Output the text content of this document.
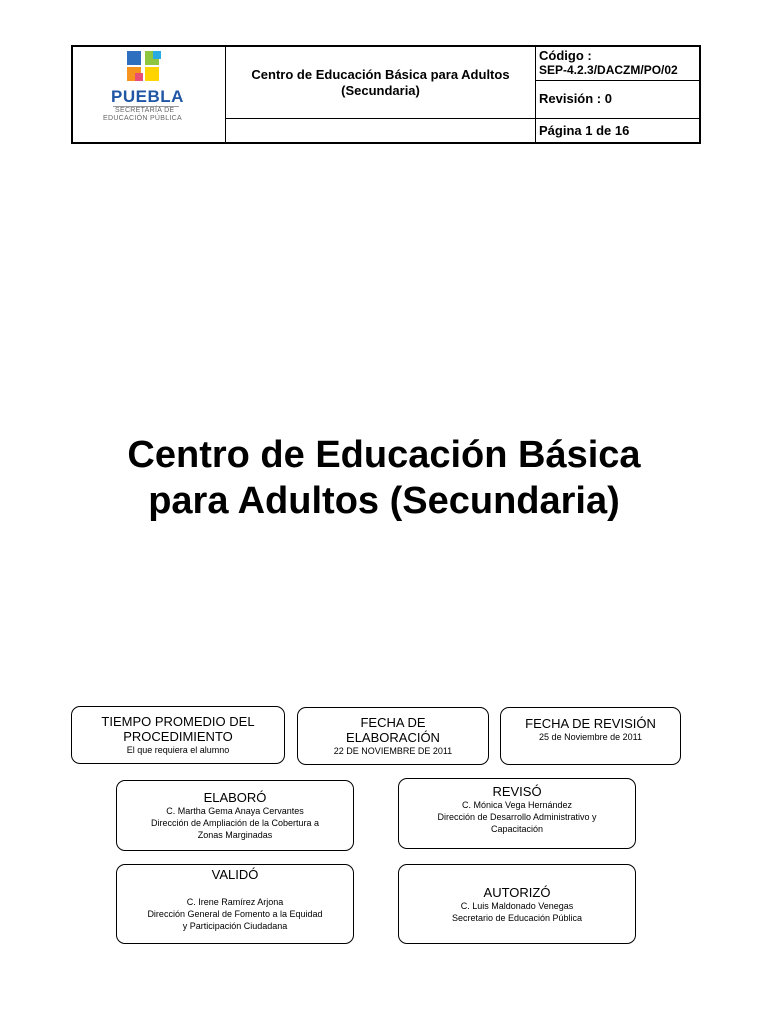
PUEBLA
SECRETARÍA DE
EDUCACIÓN PÚBLICA
Centro de Educación Básica para Adultos
(Secundaria)
Código :
SEP-4.2.3/DACZM/PO/02
Revisión : 0
Página 1 de 16
Centro de Educación Básica
para Adultos (Secundaria)
TIEMPO PROMEDIO DEL
PROCEDIMIENTO
El que requiera el alumno
FECHA DE
ELABORACIÓN
22 DE NOVIEMBRE DE 2011
FECHA DE REVISIÓN
25 de Noviembre de 2011
ELABORÓ
C. Martha Gema Anaya Cervantes
Dirección de Ampliación de la Cobertura a
Zonas Marginadas
REVISÓ
C. Mónica Vega Hernández
Dirección de Desarrollo Administrativo y
Capacitación
VALIDÓ
C. Irene Ramírez Arjona
Dirección General de Fomento a la Equidad
y Participación Ciudadana
AUTORIZÓ
C. Luis Maldonado Venegas
Secretario de Educación Pública
